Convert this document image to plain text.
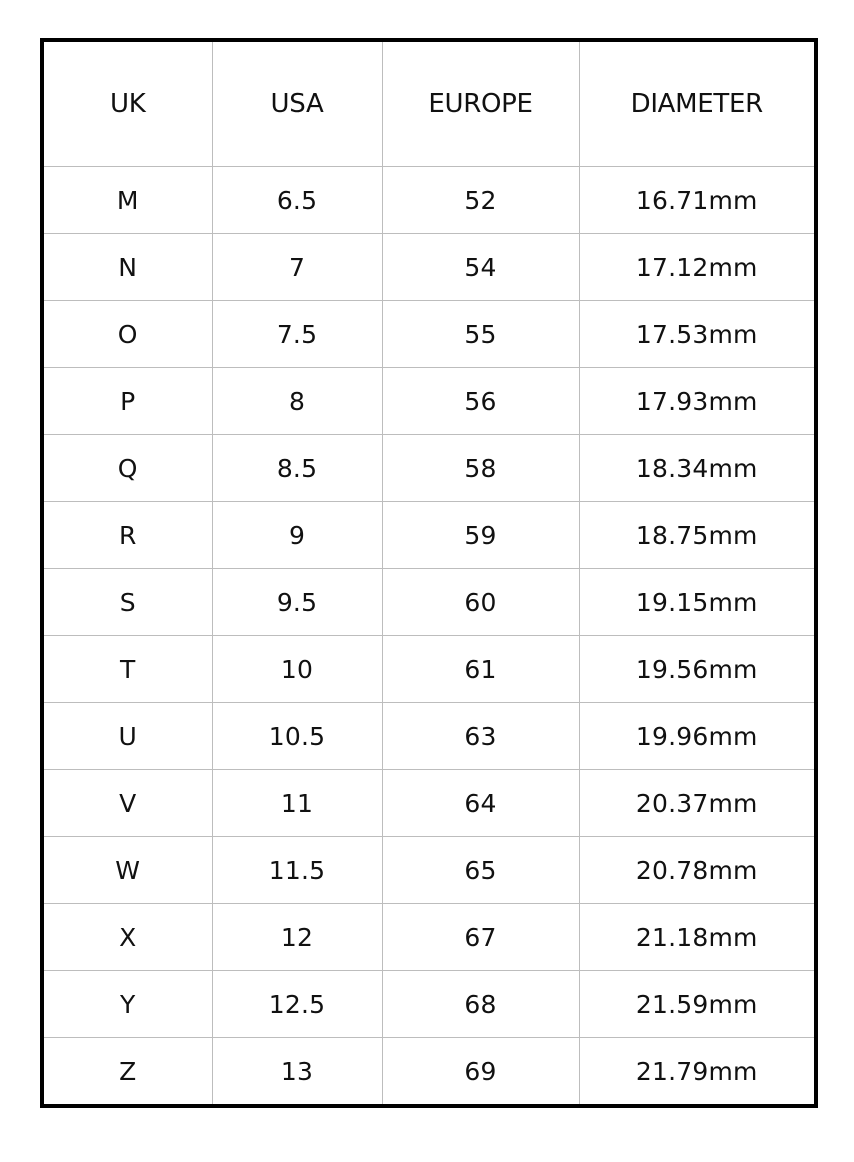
UK	USA	EUROPE	DIAMETER
M	6.5	52	16.71mm
N	7	54	17.12mm
O	7.5	55	17.53mm
P	8	56	17.93mm
Q	8.5	58	18.34mm
R	9	59	18.75mm
S	9.5	60	19.15mm
T	10	61	19.56mm
U	10.5	63	19.96mm
V	11	64	20.37mm
W	11.5	65	20.78mm
X	12	67	21.18mm
Y	12.5	68	21.59mm
Z	13	69	21.79mm
